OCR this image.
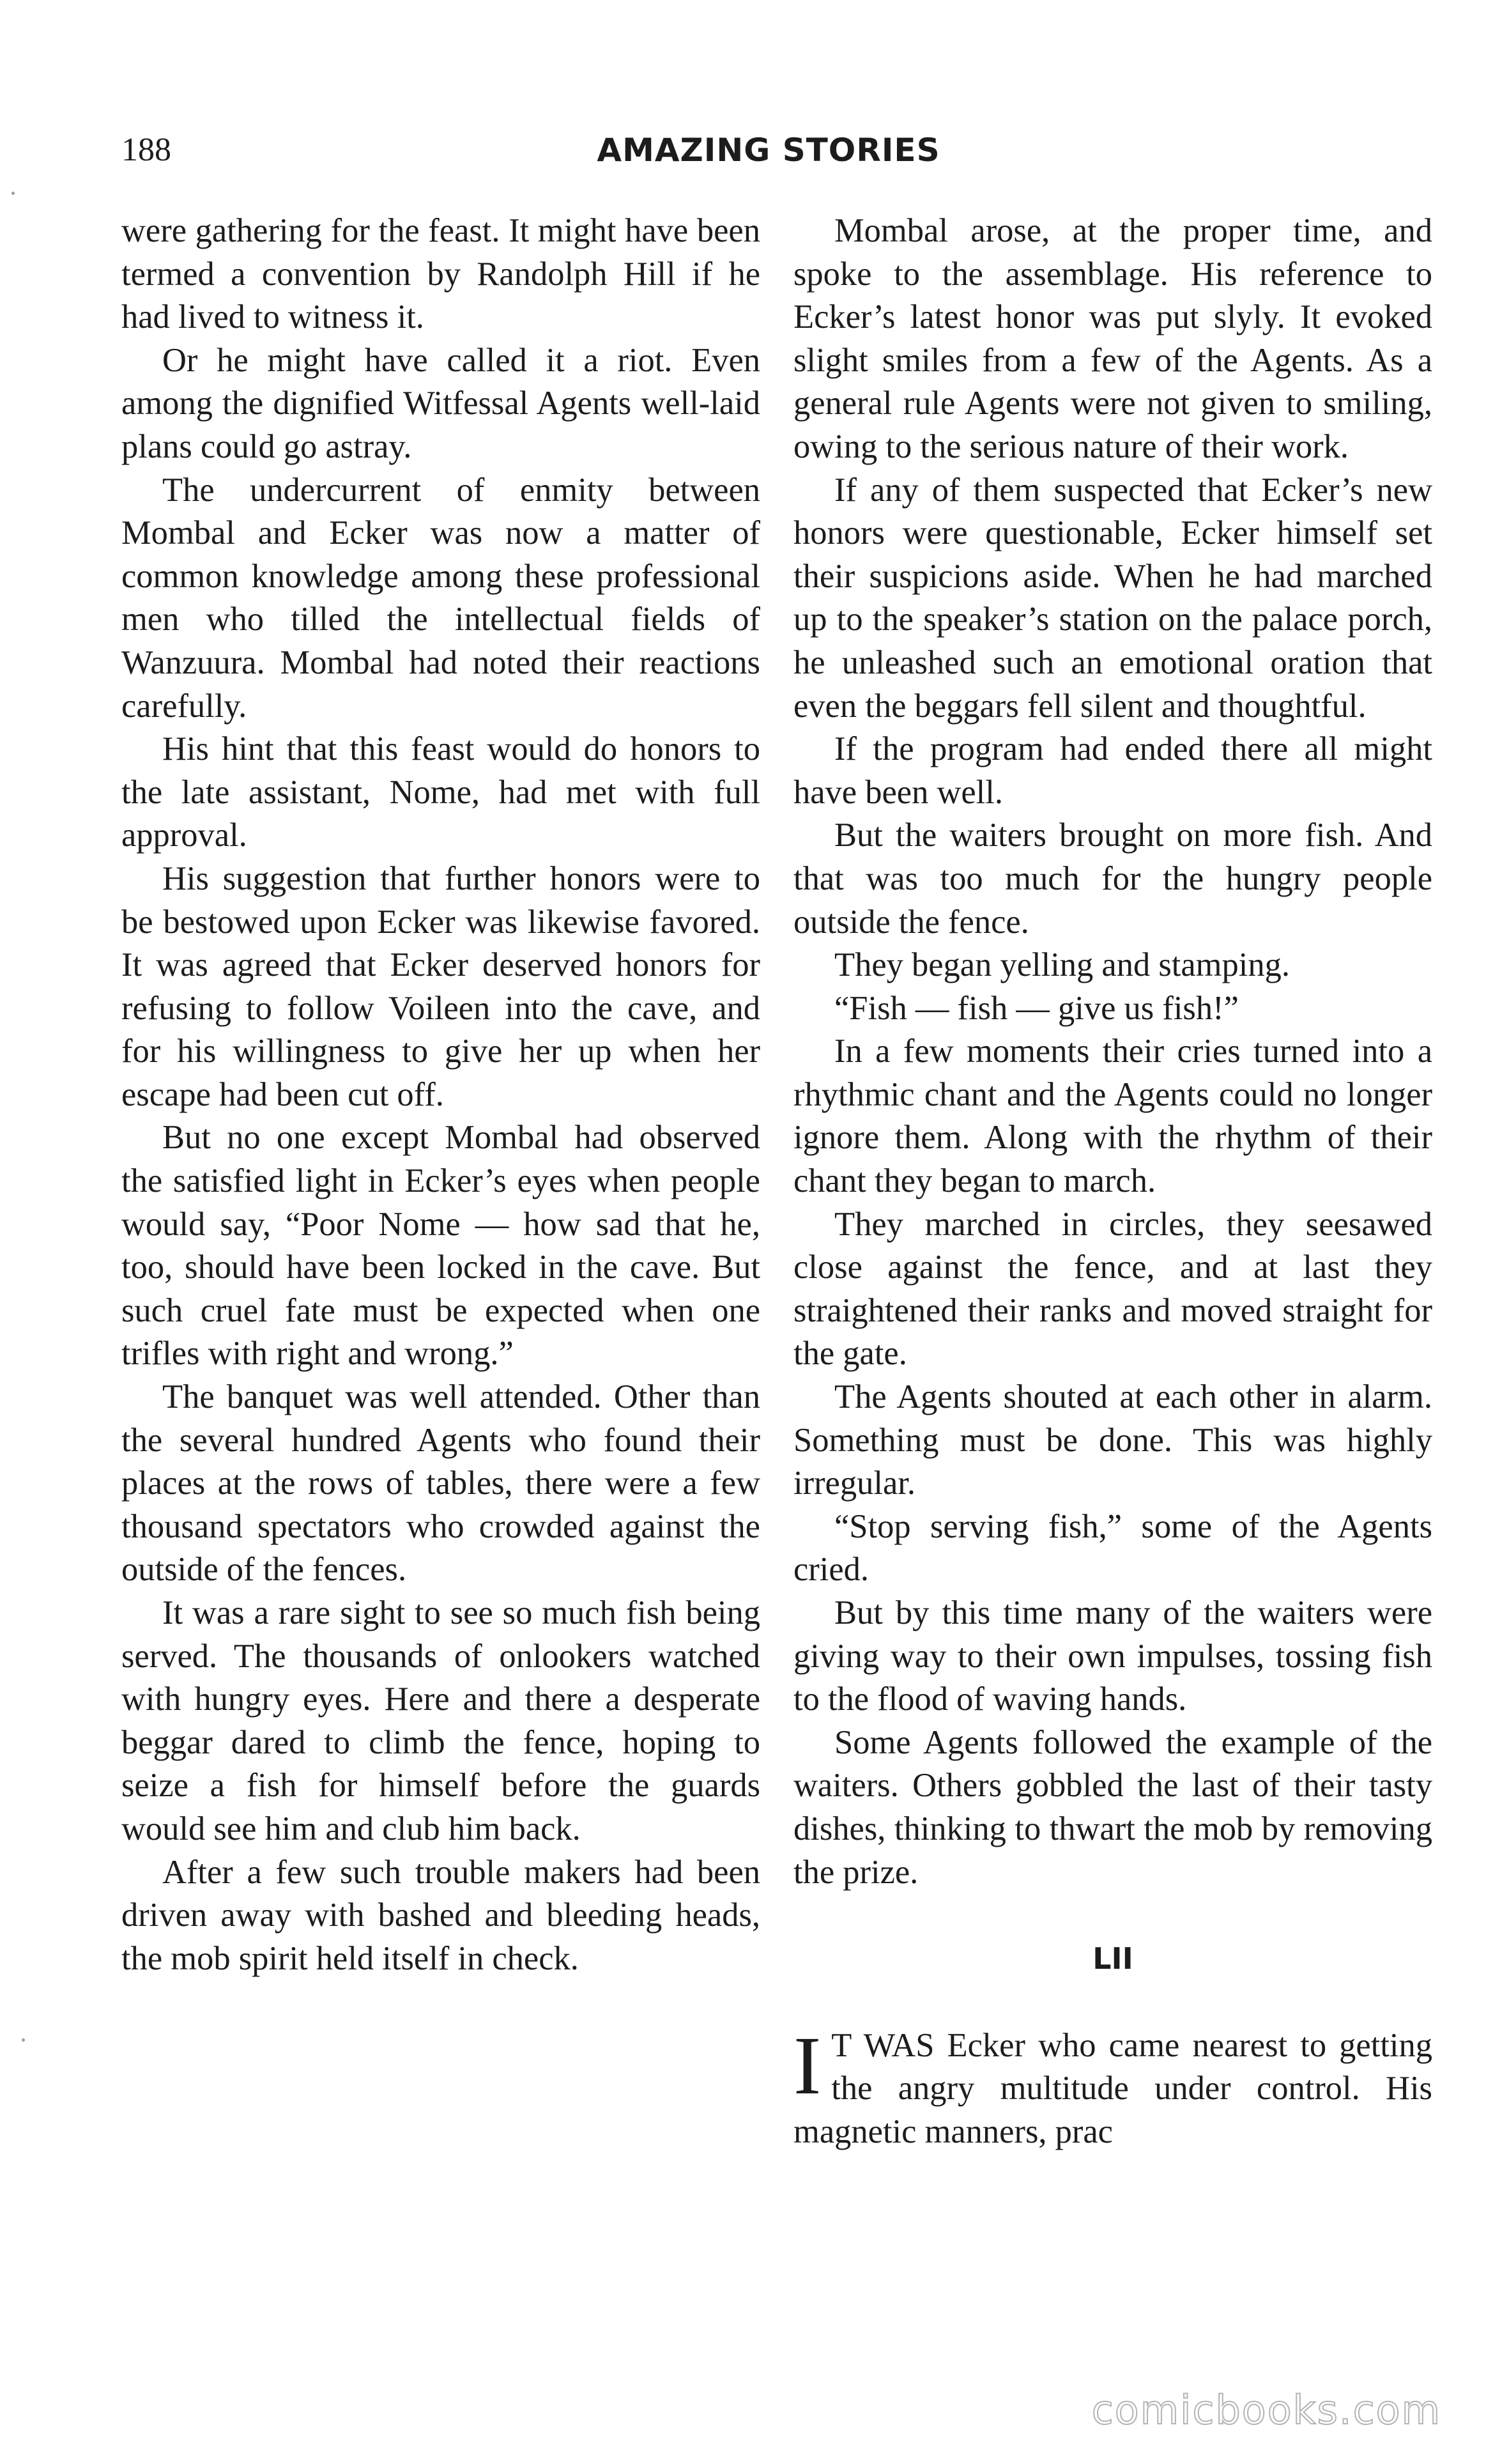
188	AMAZING STORIES

were gathering for the feast. It might have been termed a convention by Randolph Hill if he had lived to witness it.

Or he might have called it a riot. Even among the dignified Witfessal Agents well-laid plans could go astray.

The undercurrent of enmity between Mombal and Ecker was now a matter of common knowledge among these professional men who tilled the intellectual fields of Wanzuura. Mombal had noted their reactions carefully.

His hint that this feast would do honors to the late assistant, Nome, had met with full approval.

His suggestion that further honors were to be bestowed upon Ecker was likewise favored. It was agreed that Ecker deserved honors for refusing to follow Voileen into the cave, and for his willingness to give her up when her escape had been cut off.

But no one except Mombal had observed the satisfied light in Ecker’s eyes when people would say, “Poor Nome — how sad that he, too, should have been locked in the cave. But such cruel fate must be expected when one trifles with right and wrong.”

The banquet was well attended. Other than the several hundred Agents who found their places at the rows of tables, there were a few thousand spectators who crowded against the outside of the fences.

It was a rare sight to see so much fish being served. The thousands of onlookers watched with hungry eyes. Here and there a desperate beggar dared to climb the fence, hoping to seize a fish for himself before the guards would see him and club him back.

After a few such trouble makers had been driven away with bashed and bleeding heads, the mob spirit held itself in check.

Mombal arose, at the proper time, and spoke to the assemblage. His reference to Ecker’s latest honor was put slyly. It evoked slight smiles from a few of the Agents. As a general rule Agents were not given to smiling, owing to the serious nature of their work.

If any of them suspected that Ecker’s new honors were questionable, Ecker himself set their suspicions aside. When he had marched up to the speaker’s station on the palace porch, he unleashed such an emotional oration that even the beggars fell silent and thoughtful.

If the program had ended there all might have been well.

But the waiters brought on more fish. And that was too much for the hungry people outside the fence.

They began yelling and stamping.

“Fish — fish — give us fish!”

In a few moments their cries turned into a rhythmic chant and the Agents could no longer ignore them. Along with the rhythm of their chant they began to march.

They marched in circles, they seesawed close against the fence, and at last they straightened their ranks and moved straight for the gate.

The Agents shouted at each other in alarm. Something must be done. This was highly irregular.

“Stop serving fish,” some of the Agents cried.

But by this time many of the waiters were giving way to their own impulses, tossing fish to the flood of waving hands.

Some Agents followed the example of the waiters. Others gobbled the last of their tasty dishes, thinking to thwart the mob by removing the prize.

LII

I T WAS Ecker who came nearest to getting the angry multitude under control. His magnetic manners, prac

comicbooks.com
